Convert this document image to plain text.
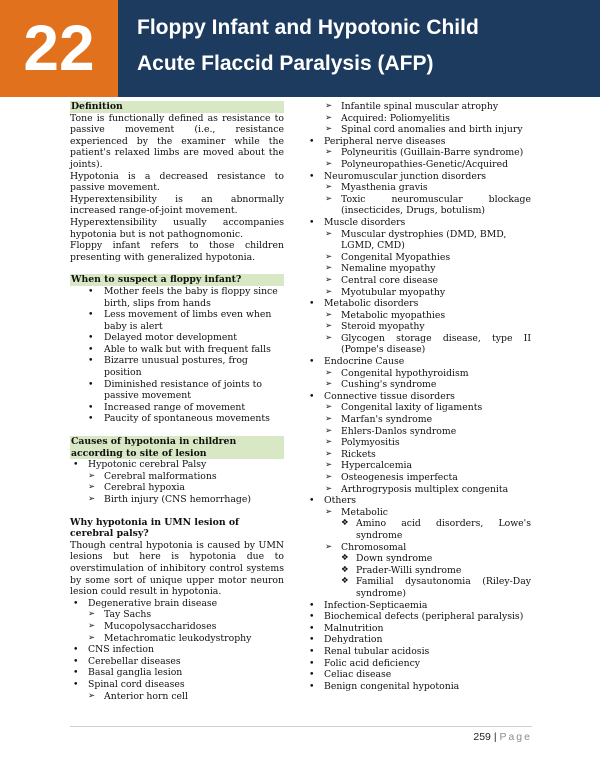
22	Floppy Infant and Hypotonic Child
Acute Flaccid Paralysis (AFP)
Definition

Tone is functionally defined as resistance to passive movement (i.e., resistance experienced by the examiner while the patient's relaxed limbs are moved about the joints).

Hypotonia is a decreased resistance to passive movement.

Hyperextensibility is an abnormally increased range-of-joint movement.

Hyperextensibility usually accompanies hypotonia but is not pathognomonic.

Floppy infant refers to those children presenting with generalized hypotonia.

When to suspect a floppy infant?
• Mother feels the baby is floppy since birth, slips from hands
• Less movement of limbs even when baby is alert
• Delayed motor development
• Able to walk but with frequent falls
• Bizarre unusual postures, frog position
• Diminished resistance of joints to passive movement
• Increased range of movement
• Paucity of spontaneous movements
Causes of hypotonia in children according to site of lesion
• Hypotonic cerebral Palsy
➢ Cerebral malformations
➢ Cerebral hypoxia
➢ Birth injury (CNS hemorrhage)
Why hypotonia in UMN lesion of cerebral palsy?

Though central hypotonia is caused by UMN lesions but here is hypotonia due to overstimulation of inhibitory control systems by some sort of unique upper motor neuron lesion could result in hypotonia.

• Degenerative brain disease
➢ Tay Sachs
➢ Mucopolysaccharidoses
➢ Metachromatic leukodystrophy
• CNS infection
• Cerebellar diseases
• Basal ganglia lesion
• Spinal cord diseases
➢ Anterior horn cell
➢ Infantile spinal muscular atrophy
➢ Acquired: Poliomyelitis
➢ Spinal cord anomalies and birth injury
• Peripheral nerve diseases
➢ Polyneuritis (Guillain-Barre syndrome)
➢ Polyneuropathies-Genetic/Acquired
• Neuromuscular junction disorders
➢ Myasthenia gravis
➢ Toxic neuromuscular blockage (insecticides, Drugs, botulism)
• Muscle disorders
➢ Muscular dystrophies (DMD, BMD, LGMD, CMD)
➢ Congenital Myopathies
➢ Nemaline myopathy
➢ Central core disease
➢ Myotubular myopathy
• Metabolic disorders
➢ Metabolic myopathies
➢ Steroid myopathy
➢ Glycogen storage disease, type II (Pompe's disease)
• Endocrine Cause
➢ Congenital hypothyroidism
➢ Cushing's syndrome
• Connective tissue disorders
➢ Congenital laxity of ligaments
➢ Marfan's syndrome
➢ Ehlers-Danlos syndrome
➢ Polymyositis
➢ Rickets
➢ Hypercalcemia
➢ Osteogenesis imperfecta
➢ Arthrogryposis multiplex congenita
• Others
➢ Metabolic
❖ Amino acid disorders, Lowe's syndrome
➢ Chromosomal
❖ Down syndrome
❖ Prader-Willi syndrome
❖ Familial dysautonomia (Riley-Day syndrome)
• Infection-Septicaemia
• Biochemical defects (peripheral paralysis)
• Malnutrition
• Dehydration
• Renal tubular acidosis
• Folic acid deficiency
• Celiac disease
• Benign congenital hypotonia
259 | Page
